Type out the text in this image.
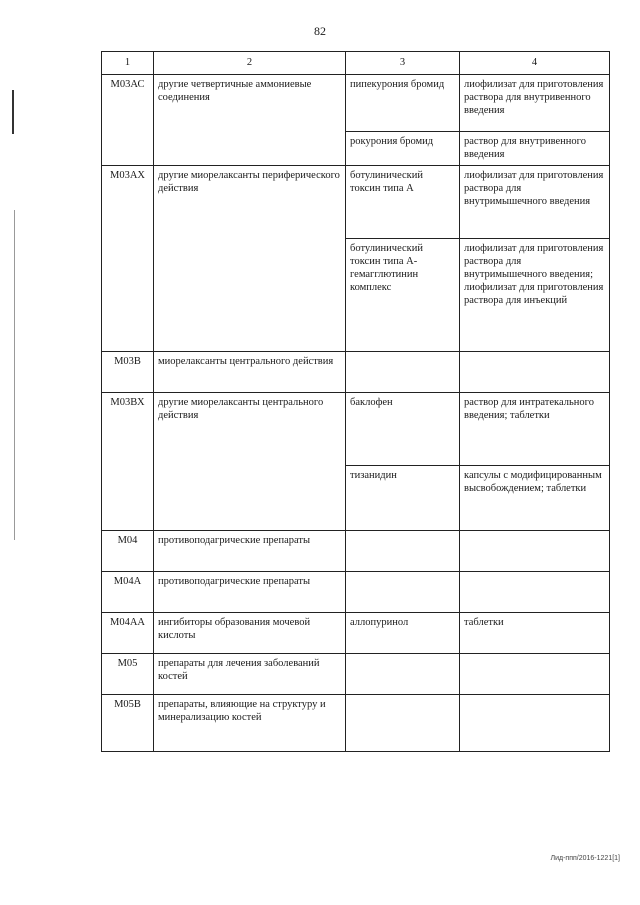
82
1	2	3	4
М03АС	другие четвертичные аммониевые соединения	пипекурония бромид	лиофилизат для приготовления раствора для внутривенного введения
		рокурония бромид	раствор для внутривенного введения
М03АХ	другие миорелаксанты периферического действия	ботулинический токсин типа А	лиофилизат для приготовления раствора для внутримышечного введения
		ботулинический токсин типа А-гемагглютинин комплекс	лиофилизат для приготовления раствора для внутримышечного введения; лиофилизат для приготовления раствора для инъекций
М03В	миорелаксанты центрального действия		
М03ВХ	другие миорелаксанты центрального действия	баклофен	раствор для интратекального введения; таблетки
		тизанидин	капсулы с модифицированным высвобождением; таблетки
М04	противоподагрические препараты		
М04А	противоподагрические препараты		
М04АА	ингибиторы образования мочевой кислоты	аллопуринол	таблетки
М05	препараты для лечения заболеваний костей		
М05В	препараты, влияющие на структуру и минерализацию костей		
Лид-ппп/2016-1221[1]
